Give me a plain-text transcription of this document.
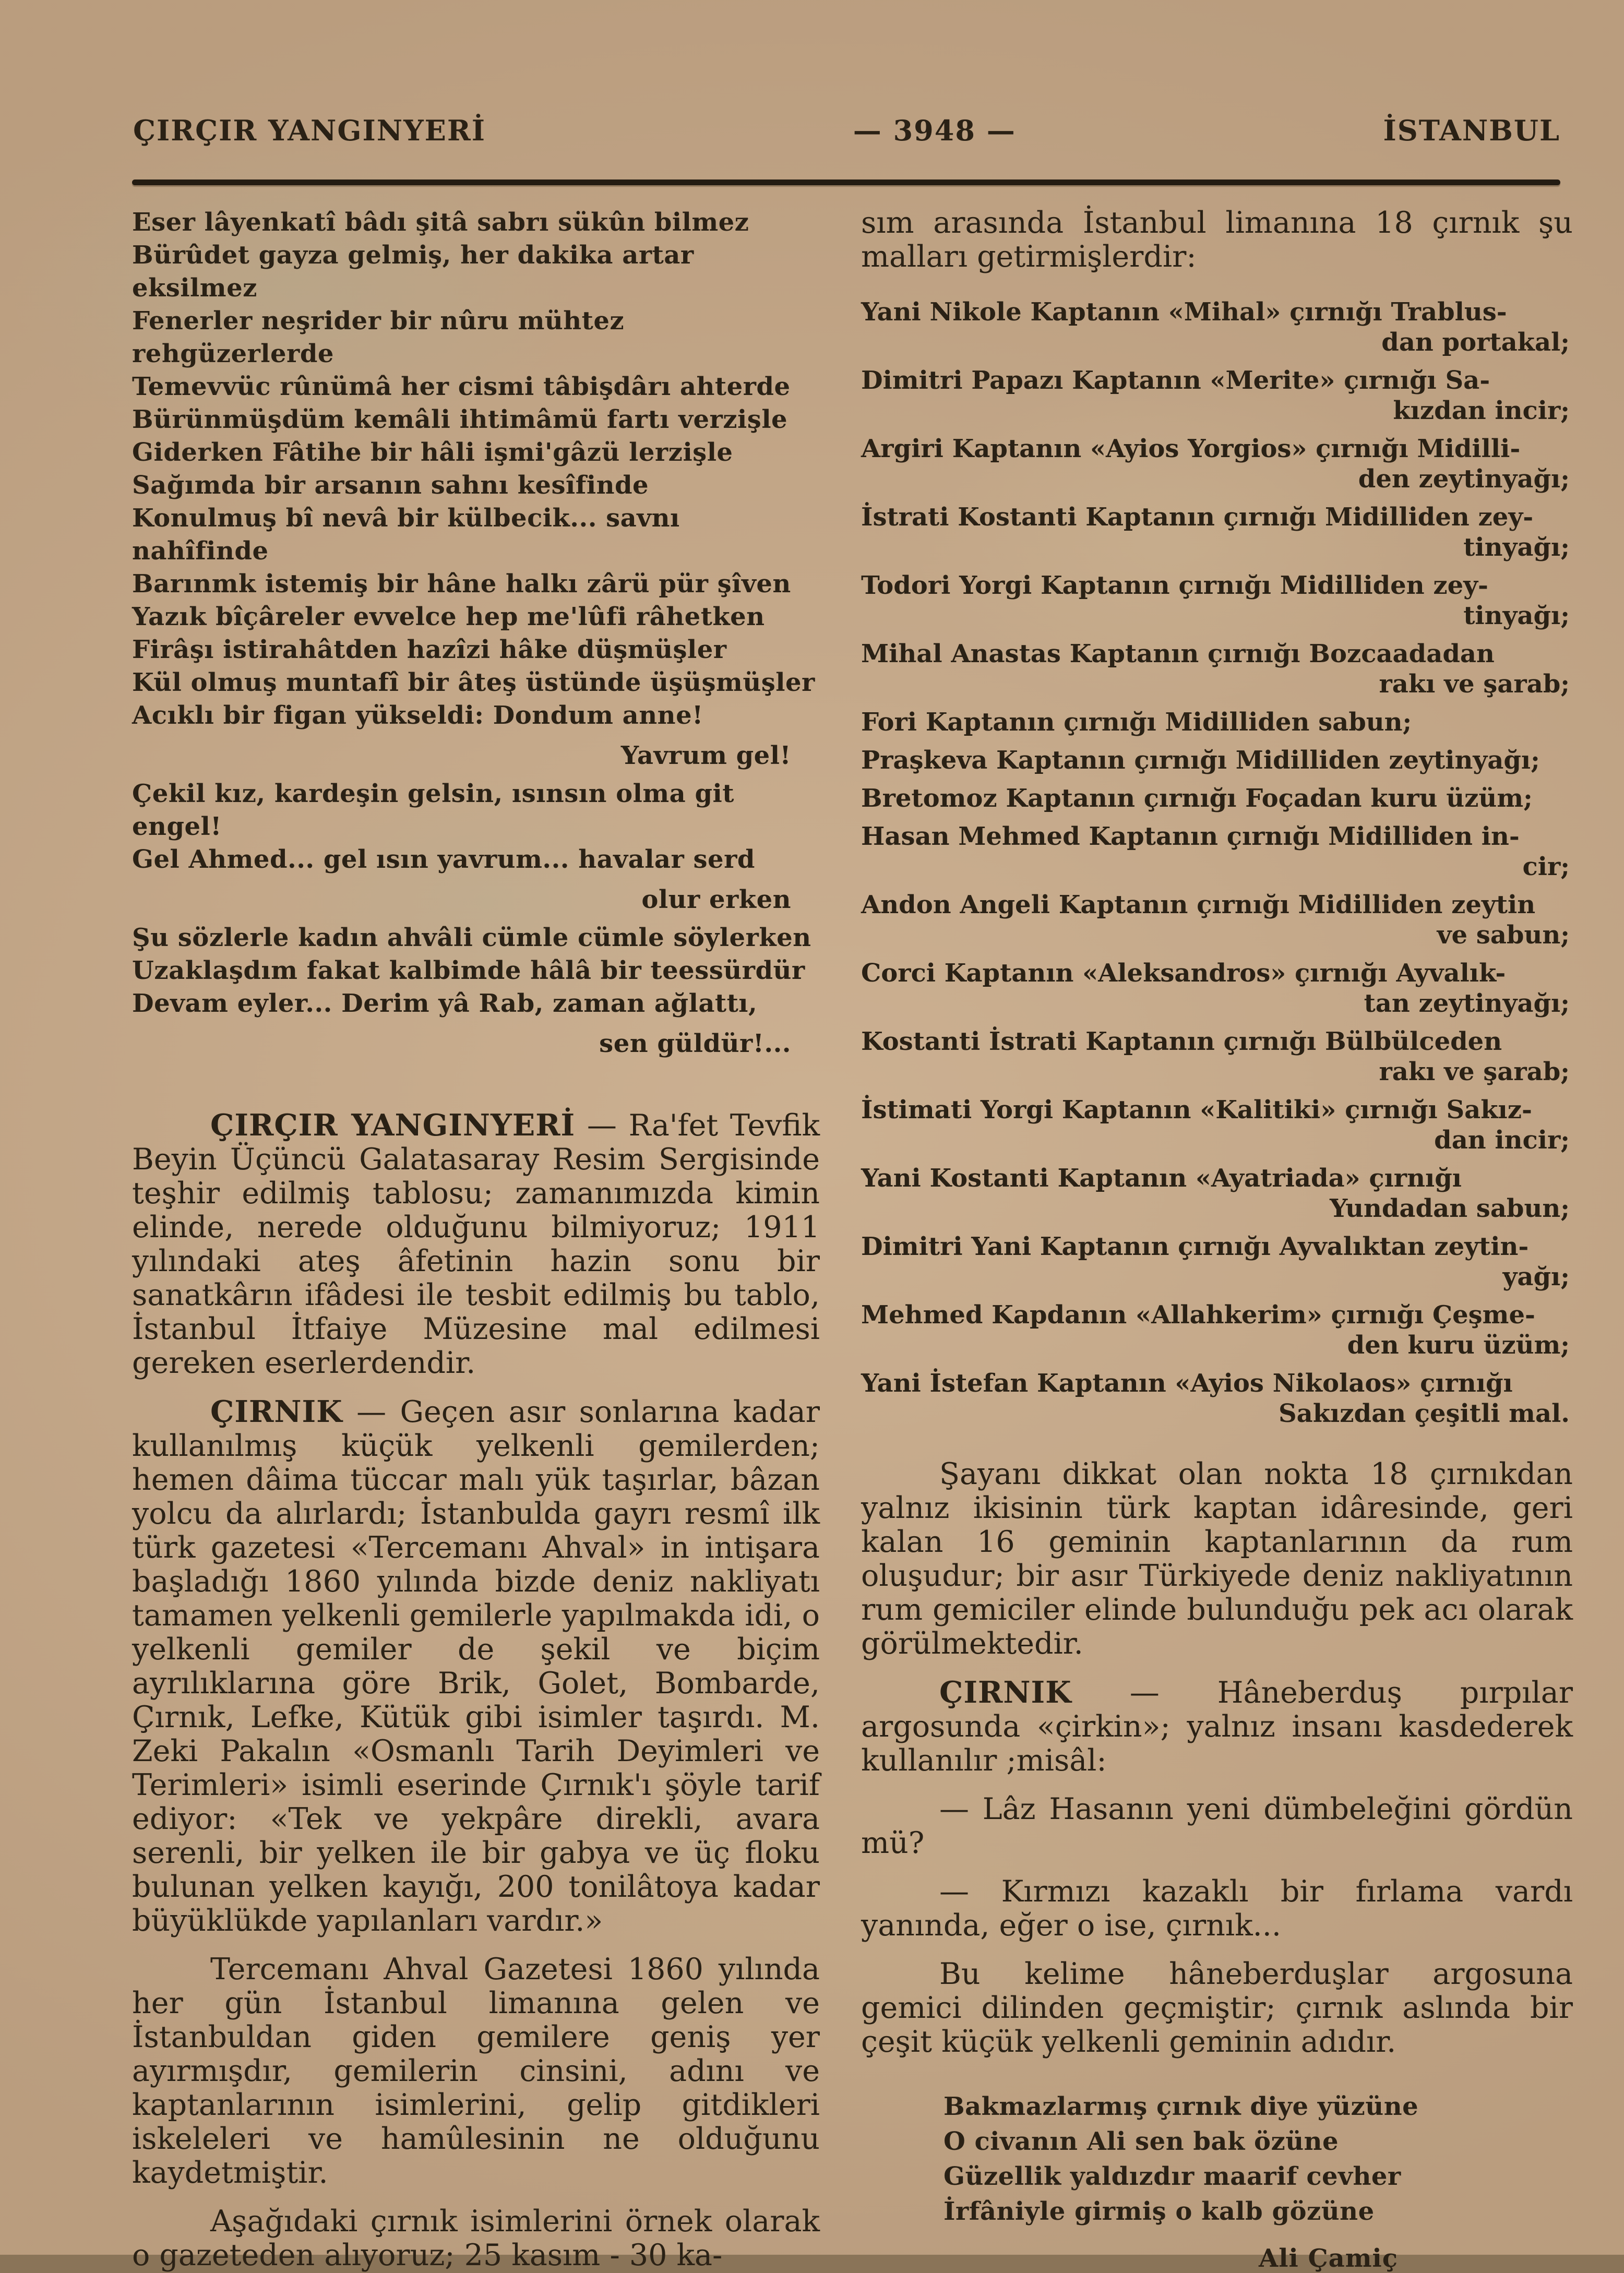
ÇIRÇIR YANGINYERİ	— 3948 —	İSTANBUL
Eser lâyenkatî bâdı şitâ sabrı sükûn bilmez
Bürûdet gayza gelmiş, her dakika artar eksilmez
Fenerler neşrider bir nûru mühtez rehgüzerlerde
Temevvüc rûnümâ her cismi tâbişdârı ahterde
Bürünmüşdüm kemâli ihtimâmü fartı verzişle
Giderken Fâtihe bir hâli işmi'gâzü lerzişle
Sağımda bir arsanın sahnı kesîfinde
Konulmuş bî nevâ bir külbecik... savnı nahîfinde
Barınmk istemiş bir hâne halkı zârü pür şîven
Yazık bîçâreler evvelce hep me'lûfi râhetken
Firâşı istirahâtden hazîzi hâke düşmüşler
Kül olmuş muntafî bir âteş üstünde üşüşmüşler
Acıklı bir figan yükseldi: Dondum anne!
Yavrum gel!
Çekil kız, kardeşin gelsin, ısınsın olma git engel!
Gel Ahmed... gel ısın yavrum... havalar serd
olur erken
Şu sözlerle kadın ahvâli cümle cümle söylerken
Uzaklaşdım fakat kalbimde hâlâ bir teessürdür
Devam eyler... Derim yâ Rab, zaman ağlattı,
sen güldür!...

ÇIRÇIR YANGINYERİ — Ra'fet Tevfik Beyin Üçüncü Galatasaray Resim Sergisinde teşhir edilmiş tablosu; zamanımızda kimin elinde, nerede olduğunu bilmiyoruz; 1911 yılındaki ateş âfetinin hazin sonu bir sanatkârın ifâdesi ile tesbit edilmiş bu tablo, İstanbul İtfaiye Müzesine mal edilmesi gereken eserlerdendir.

ÇIRNIK — Geçen asır sonlarına kadar kullanılmış küçük yelkenli gemilerden; hemen dâima tüccar malı yük taşırlar, bâzan yolcu da alırlardı; İstanbulda gayrı resmî ilk türk gazetesi «Tercemanı Ahval» in intişara başladığı 1860 yılında bizde deniz nakliyatı tamamen yelkenli gemilerle yapılmakda idi, o yelkenli gemiler de şekil ve biçim ayrılıklarına göre Brik, Golet, Bombarde, Çırnık, Lefke, Kütük gibi isimler taşırdı. M. Zeki Pakalın «Osmanlı Tarih Deyimleri ve Terimleri» isimli eserinde Çırnık'ı şöyle tarif ediyor: «Tek ve yekpâre direkli, avara serenli, bir yelken ile bir gabya ve üç floku bulunan yelken kayığı, 200 tonilâtoya kadar büyüklükde yapılanları vardır.»

Tercemanı Ahval Gazetesi 1860 yılında her gün İstanbul limanına gelen ve İstanbuldan giden gemilere geniş yer ayırmışdır, gemilerin cinsini, adını ve kaptanlarının isimlerini, gelip gitdikleri iskeleleri ve hamûlesinin ne olduğunu kaydetmiştir.

Aşağıdaki çırnık isimlerini örnek olarak o gazeteden alıyoruz; 25 kasım - 30 ka-

sım arasında İstanbul limanına 18 çırnık şu malları getirmişlerdir:

Yani Nikole Kaptanın «Mihal» çırnığı Trablus-
dan portakal;
Dimitri Papazı Kaptanın «Merite» çırnığı Sa-
kızdan incir;
Argiri Kaptanın «Ayios Yorgios» çırnığı Midilli-
den zeytinyağı;
İstrati Kostanti Kaptanın çırnığı Midilliden zey-
tinyağı;
Todori Yorgi Kaptanın çırnığı Midilliden zey-
tinyağı;
Mihal Anastas Kaptanın çırnığı Bozcaadadan
rakı ve şarab;
Fori Kaptanın çırnığı Midilliden sabun;
Praşkeva Kaptanın çırnığı Midilliden zeytinyağı;
Bretomoz Kaptanın çırnığı Foçadan kuru üzüm;
Hasan Mehmed Kaptanın çırnığı Midilliden in-
cir;
Andon Angeli Kaptanın çırnığı Midilliden zeytin
ve sabun;
Corci Kaptanın «Aleksandros» çırnığı Ayvalık-
tan zeytinyağı;
Kostanti İstrati Kaptanın çırnığı Bülbülceden
rakı ve şarab;
İstimati Yorgi Kaptanın «Kalitiki» çırnığı Sakız-
dan incir;
Yani Kostanti Kaptanın «Ayatriada» çırnığı
Yundadan sabun;
Dimitri Yani Kaptanın çırnığı Ayvalıktan zeytin-
yağı;
Mehmed Kapdanın «Allahkerim» çırnığı Çeşme-
den kuru üzüm;
Yani İstefan Kaptanın «Ayios Nikolaos» çırnığı
Sakızdan çeşitli mal.

Şayanı dikkat olan nokta 18 çırnıkdan yalnız ikisinin türk kaptan idâresinde, geri kalan 16 geminin kaptanlarının da rum oluşudur; bir asır Türkiyede deniz nakliyatının rum gemiciler elinde bulunduğu pek acı olarak görülmektedir.

ÇIRNIK — Hâneberduş pırpılar argosunda «çirkin»; yalnız insanı kasdederek kullanılır ;misâl:

— Lâz Hasanın yeni dümbeleğini gördün mü?

— Kırmızı kazaklı bir fırlama vardı yanında, eğer o ise, çırnık...

Bu kelime hâneberduşlar argosuna gemici dilinden geçmiştir; çırnık aslında bir çeşit küçük yelkenli geminin adıdır.

Bakmazlarmış çırnık diye yüzüne
O civanın Ali sen bak özüne
Güzellik yaldızdır maarif cevher
İrfâniyle girmiş o kalb gözüne
Ali Çamiç
